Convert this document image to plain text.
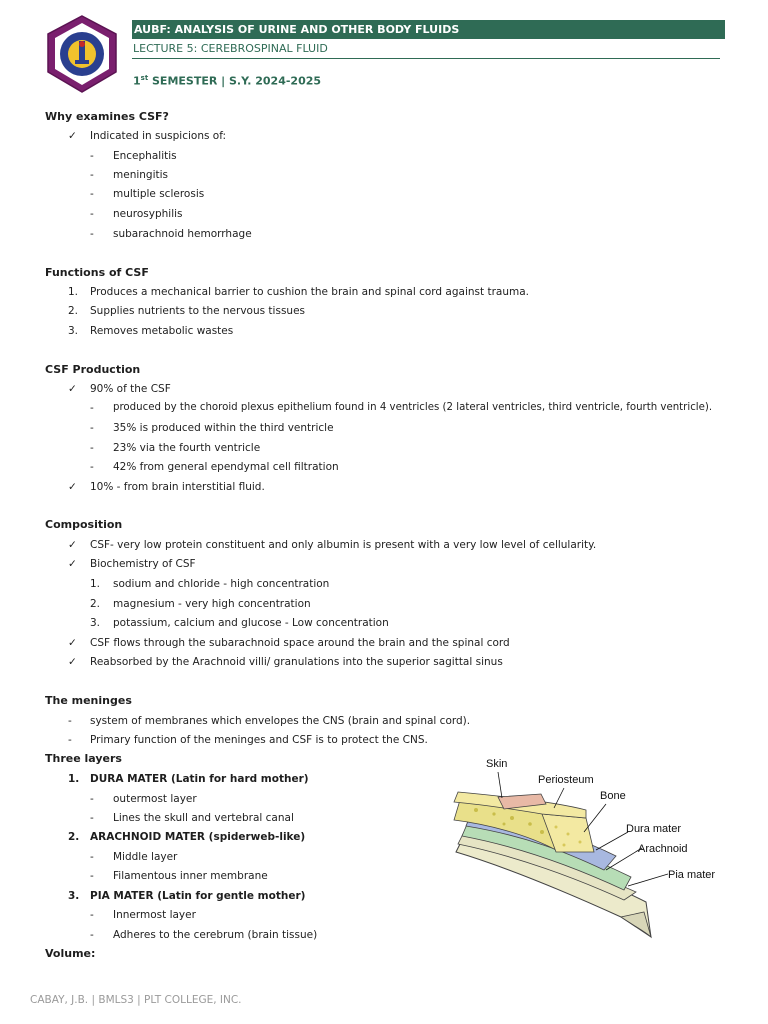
AUBF: ANALYSIS OF URINE AND OTHER BODY FLUIDS
LECTURE 5: CEREBROSPINAL FLUID
1st SEMESTER | S.Y. 2024-2025
Why examines CSF?
✓ Indicated in suspicions of:
- Encephalitis
- meningitis
- multiple sclerosis
- neurosyphilis
- subarachnoid hemorrhage
Functions of CSF
1. Produces a mechanical barrier to cushion the brain and spinal cord against trauma.
2. Supplies nutrients to the nervous tissues
3. Removes metabolic wastes
CSF Production
✓ 90% of the CSF
- produced by the choroid plexus epithelium found in 4 ventricles (2 lateral ventricles, third ventricle, fourth ventricle).
- 35% is produced within the third ventricle
- 23% via the fourth ventricle
- 42% from general ependymal cell filtration
✓ 10% - from brain interstitial fluid.
Composition
✓ CSF- very low protein constituent and only albumin is present with a very low level of cellularity.
✓ Biochemistry of CSF
1. sodium and chloride - high concentration
2. magnesium - very high concentration
3. potassium, calcium and glucose - Low concentration
✓ CSF flows through the subarachnoid space around the brain and the spinal cord
✓ Reabsorbed by the Arachnoid villi/ granulations into the superior sagittal sinus
The meninges
- system of membranes which envelopes the CNS (brain and spinal cord).
- Primary function of the meninges and CSF is to protect the CNS.
Three layers
1. DURA MATER (Latin for hard mother)
- outermost layer
- Lines the skull and vertebral canal
2. ARACHNOID MATER (spiderweb-like)
- Middle layer
- Filamentous inner membrane
3. PIA MATER (Latin for gentle mother)
- Innermost layer
- Adheres to the cerebrum (brain tissue)
Volume:
Skin
Periosteum
Bone
Dura mater
Arachnoid
Pia mater
CABAY, J.B. | BMLS3 | PLT COLLEGE, INC.
